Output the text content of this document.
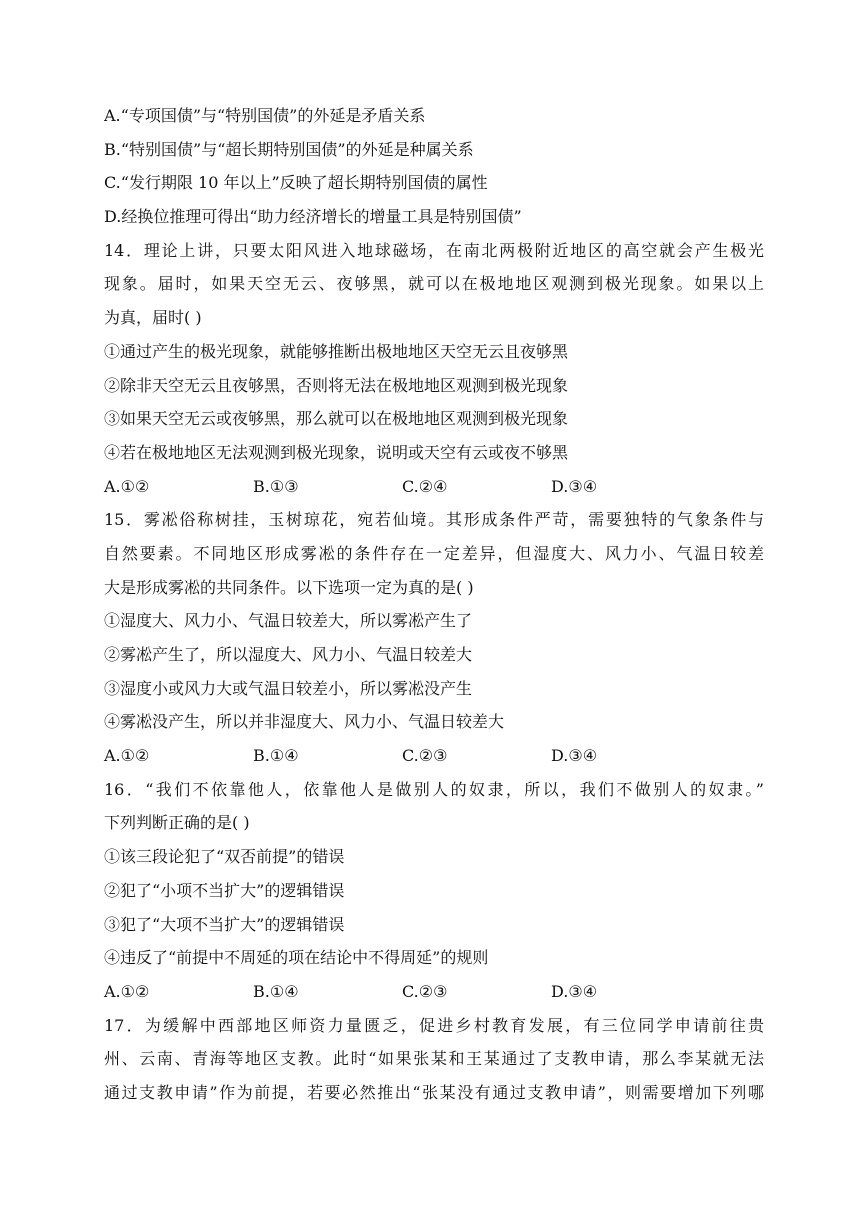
A.“专项国债”与“特别国债”的外延是矛盾关系
B.“特别国债”与“超长期特别国债”的外延是种属关系
C.“发行期限 10 年以上”反映了超长期特别国债的属性
D.经换位推理可得出“助力经济增长的增量工具是特别国债”
14．理论上讲，只要太阳风进入地球磁场，在南北两极附近地区的高空就会产生极光
现象。届时，如果天空无云、夜够黑，就可以在极地地区观测到极光现象。如果以上
为真，届时( )
①通过产生的极光现象，就能够推断出极地地区天空无云且夜够黑
②除非天空无云且夜够黑，否则将无法在极地地区观测到极光现象
③如果天空无云或夜够黑，那么就可以在极地地区观测到极光现象
④若在极地地区无法观测到极光现象，说明或天空有云或夜不够黑
A.①②	B.①③	C.②④	D.③④
15．雾凇俗称树挂，玉树琼花，宛若仙境。其形成条件严苛，需要独特的气象条件与
自然要素。不同地区形成雾凇的条件存在一定差异，但湿度大、风力小、气温日较差
大是形成雾凇的共同条件。以下选项一定为真的是( )
①湿度大、风力小、气温日较差大，所以雾凇产生了
②雾凇产生了，所以湿度大、风力小、气温日较差大
③湿度小或风力大或气温日较差小，所以雾凇没产生
④雾凇没产生，所以并非湿度大、风力小、气温日较差大
A.①②	B.①④	C.②③	D.③④
16．“我们不依靠他人，依靠他人是做别人的奴隶，所以，我们不做别人的奴隶。”
下列判断正确的是( )
①该三段论犯了“双否前提”的错误
②犯了“小项不当扩大”的逻辑错误
③犯了“大项不当扩大”的逻辑错误
④违反了“前提中不周延的项在结论中不得周延”的规则
A.①②	B.①④	C.②③	D.③④
17．为缓解中西部地区师资力量匮乏，促进乡村教育发展，有三位同学申请前往贵
州、云南、青海等地区支教。此时“如果张某和王某通过了支教申请，那么李某就无法
通过支教申请”作为前提，若要必然推出“张某没有通过支教申请”，则需要增加下列哪
